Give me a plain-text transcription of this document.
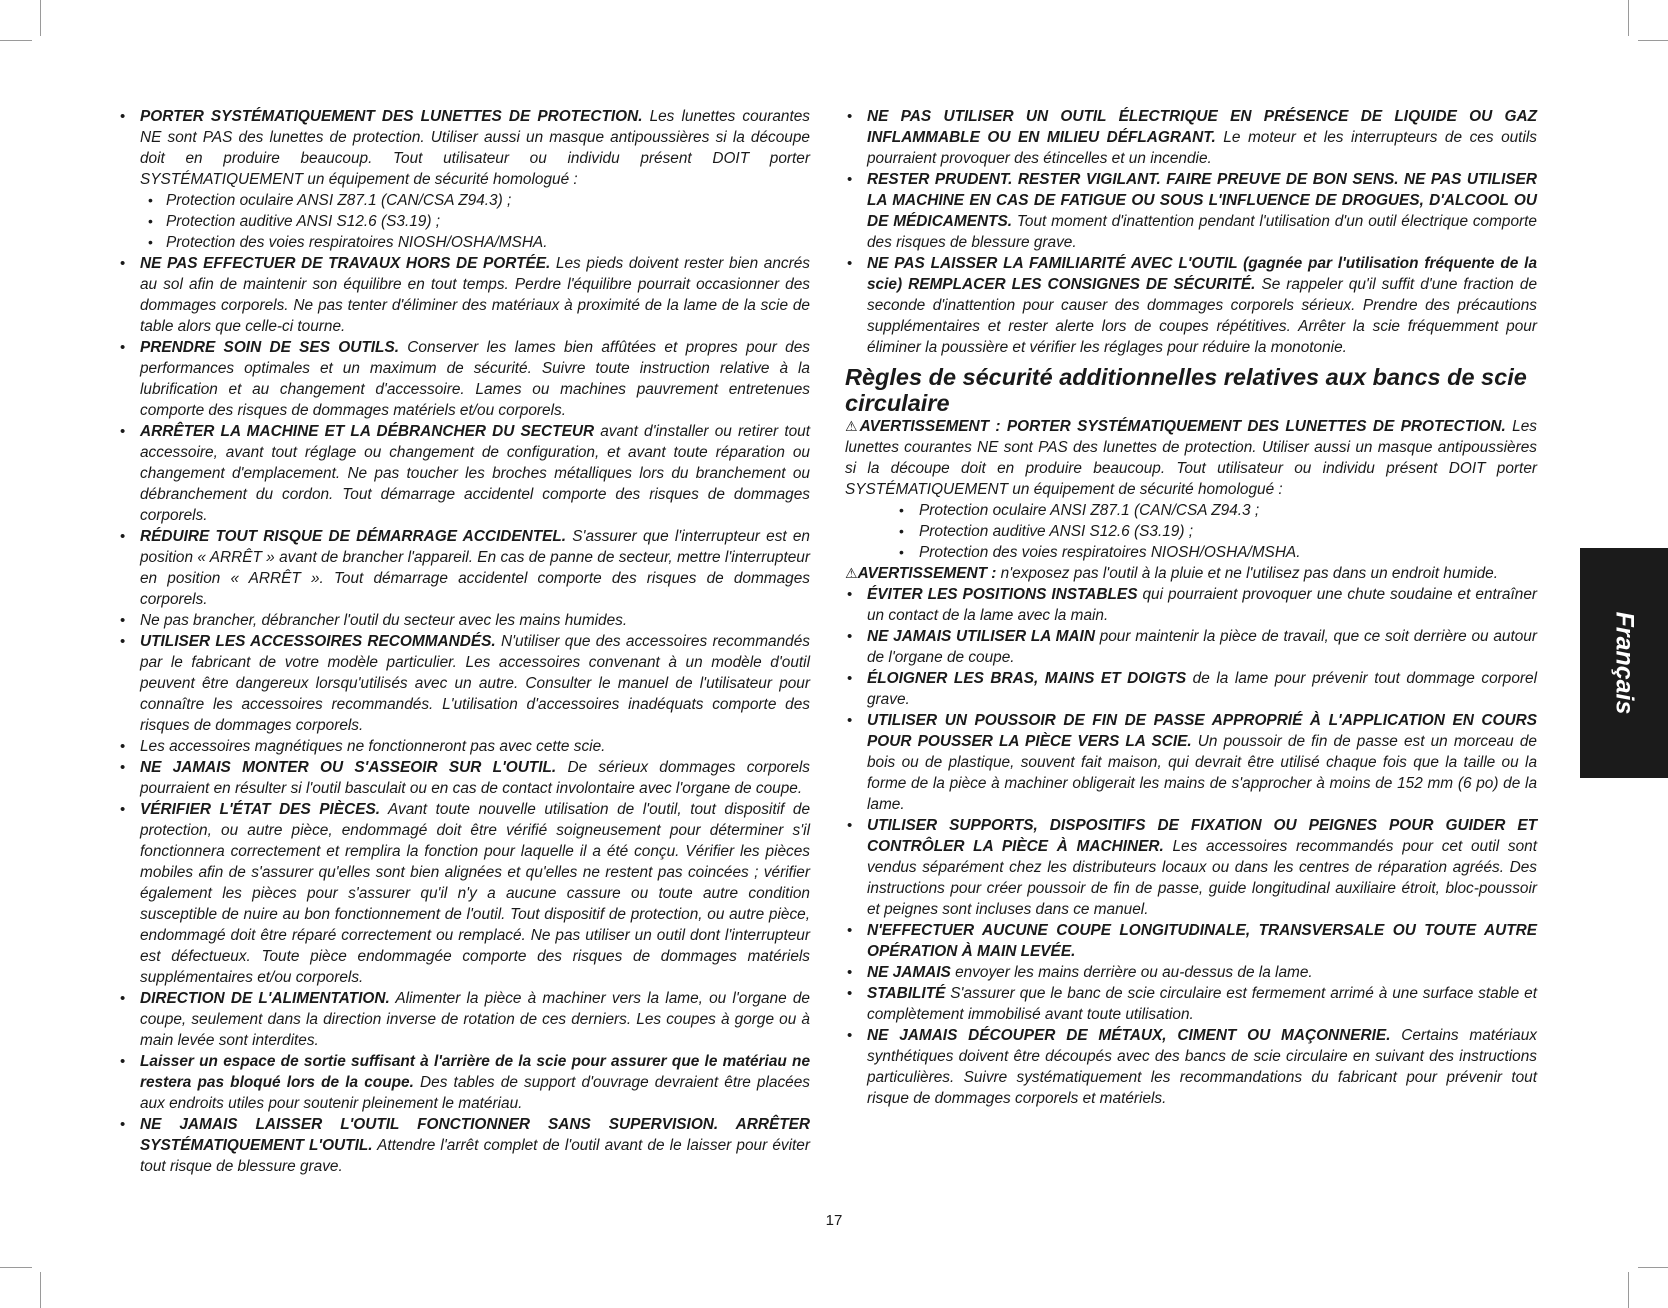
• PORTER SYSTÉMATIQUEMENT DES LUNETTES DE PROTECTION. Les lunettes courantes NE sont PAS des lunettes de protection. Utiliser aussi un masque antipoussières si la découpe doit en produire beaucoup. Tout utilisateur ou individu présent DOIT porter SYSTÉMATIQUEMENT un équipement de sécurité homologué :

• Protection oculaire ANSI Z87.1 (CAN/CSA Z94.3) ;

• Protection auditive ANSI S12.6 (S3.19) ;

• Protection des voies respiratoires NIOSH/OSHA/MSHA.

• NE PAS EFFECTUER DE TRAVAUX HORS DE PORTÉE. Les pieds doivent rester bien ancrés au sol afin de maintenir son équilibre en tout temps. Perdre l'équilibre pourrait occasionner des dommages corporels. Ne pas tenter d'éliminer des matériaux à proximité de la lame de la scie de table alors que celle-ci tourne.

• PRENDRE SOIN DE SES OUTILS. Conserver les lames bien affûtées et propres pour des performances optimales et un maximum de sécurité. Suivre toute instruction relative à la lubrification et au changement d'accessoire. Lames ou machines pauvrement entretenues comporte des risques de dommages matériels et/ou corporels.

• ARRÊTER LA MACHINE ET LA DÉBRANCHER DU SECTEUR avant d'installer ou retirer tout accessoire, avant tout réglage ou changement de configuration, et avant toute réparation ou changement d'emplacement. Ne pas toucher les broches métalliques lors du branchement ou débranchement du cordon. Tout démarrage accidentel comporte des risques de dommages corporels.

• RÉDUIRE TOUT RISQUE DE DÉMARRAGE ACCIDENTEL. S'assurer que l'interrupteur est en position « ARRÊT » avant de brancher l'appareil. En cas de panne de secteur, mettre l'interrupteur en position « ARRÊT ». Tout démarrage accidentel comporte des risques de dommages corporels.

• Ne pas brancher, débrancher l'outil du secteur avec les mains humides.

• UTILISER LES ACCESSOIRES RECOMMANDÉS. N'utiliser que des accessoires recommandés par le fabricant de votre modèle particulier. Les accessoires convenant à un modèle d'outil peuvent être dangereux lorsqu'utilisés avec un autre. Consulter le manuel de l'utilisateur pour connaître les accessoires recommandés. L'utilisation d'accessoires inadéquats comporte des risques de dommages corporels.

• Les accessoires magnétiques ne fonctionneront pas avec cette scie.

• NE JAMAIS MONTER OU S'ASSEOIR SUR L'OUTIL. De sérieux dommages corporels pourraient en résulter si l'outil basculait ou en cas de contact involontaire avec l'organe de coupe.

• VÉRIFIER L'ÉTAT DES PIÈCES. Avant toute nouvelle utilisation de l'outil, tout dispositif de protection, ou autre pièce, endommagé doit être vérifié soigneusement pour déterminer s'il fonctionnera correctement et remplira la fonction pour laquelle il a été conçu. Vérifier les pièces mobiles afin de s'assurer qu'elles sont bien alignées et qu'elles ne restent pas coincées ; vérifier également les pièces pour s'assurer qu'il n'y a aucune cassure ou toute autre condition susceptible de nuire au bon fonctionnement de l'outil. Tout dispositif de protection, ou autre pièce, endommagé doit être réparé correctement ou remplacé. Ne pas utiliser un outil dont l'interrupteur est défectueux. Toute pièce endommagée comporte des risques de dommages matériels supplémentaires et/ou corporels.

• DIRECTION DE L'ALIMENTATION. Alimenter la pièce à machiner vers la lame, ou l'organe de coupe, seulement dans la direction inverse de rotation de ces derniers. Les coupes à gorge ou à main levée sont interdites.

• Laisser un espace de sortie suffisant à l'arrière de la scie pour assurer que le matériau ne restera pas bloqué lors de la coupe. Des tables de support d'ouvrage devraient être placées aux endroits utiles pour soutenir pleinement le matériau.

• NE JAMAIS LAISSER L'OUTIL FONCTIONNER SANS SUPERVISION. ARRÊTER SYSTÉMATIQUEMENT L'OUTIL. Attendre l'arrêt complet de l'outil avant de le laisser pour éviter tout risque de blessure grave.

• NE PAS UTILISER UN OUTIL ÉLECTRIQUE EN PRÉSENCE DE LIQUIDE OU GAZ INFLAMMABLE OU EN MILIEU DÉFLAGRANT. Le moteur et les interrupteurs de ces outils pourraient provoquer des étincelles et un incendie.

• RESTER PRUDENT. RESTER VIGILANT. FAIRE PREUVE DE BON SENS. NE PAS UTILISER LA MACHINE EN CAS DE FATIGUE OU SOUS L'INFLUENCE DE DROGUES, D'ALCOOL OU DE MÉDICAMENTS. Tout moment d'inattention pendant l'utilisation d'un outil électrique comporte des risques de blessure grave.

• NE PAS LAISSER LA FAMILIARITÉ AVEC L'OUTIL (gagnée par l'utilisation fréquente de la scie) REMPLACER LES CONSIGNES DE SÉCURITÉ. Se rappeler qu'il suffit d'une fraction de seconde d'inattention pour causer des dommages corporels sérieux. Prendre des précautions supplémentaires et rester alerte lors de coupes répétitives. Arrêter la scie fréquemment pour éliminer la poussière et vérifier les réglages pour réduire la monotonie.

Règles de sécurité additionnelles relatives aux bancs de scie circulaire

⚠AVERTISSEMENT : PORTER SYSTÉMATIQUEMENT DES LUNETTES DE PROTECTION. Les lunettes courantes NE sont PAS des lunettes de protection. Utiliser aussi un masque antipoussières si la découpe doit en produire beaucoup. Tout utilisateur ou individu présent DOIT porter SYSTÉMATIQUEMENT un équipement de sécurité homologué :

• Protection oculaire ANSI Z87.1 (CAN/CSA Z94.3 ;

• Protection auditive ANSI S12.6 (S3.19) ;

• Protection des voies respiratoires NIOSH/OSHA/MSHA.

⚠AVERTISSEMENT : n'exposez pas l'outil à la pluie et ne l'utilisez pas dans un endroit humide.

• ÉVITER LES POSITIONS INSTABLES qui pourraient provoquer une chute soudaine et entraîner un contact de la lame avec la main.

• NE JAMAIS UTILISER LA MAIN pour maintenir la pièce de travail, que ce soit derrière ou autour de l'organe de coupe.

• ÉLOIGNER LES BRAS, MAINS ET DOIGTS de la lame pour prévenir tout dommage corporel grave.

• UTILISER UN POUSSOIR DE FIN DE PASSE APPROPRIÉ À L'APPLICATION EN COURS POUR POUSSER LA PIÈCE VERS LA SCIE. Un poussoir de fin de passe est un morceau de bois ou de plastique, souvent fait maison, qui devrait être utilisé chaque fois que la taille ou la forme de la pièce à machiner obligerait les mains de s'approcher à moins de 152 mm (6 po) de la lame.

• UTILISER SUPPORTS, DISPOSITIFS DE FIXATION OU PEIGNES POUR GUIDER ET CONTRÔLER LA PIÈCE À MACHINER. Les accessoires recommandés pour cet outil sont vendus séparément chez les distributeurs locaux ou dans les centres de réparation agréés. Des instructions pour créer poussoir de fin de passe, guide longitudinal auxiliaire étroit, bloc-poussoir et peignes sont incluses dans ce manuel.

• N'EFFECTUER AUCUNE COUPE LONGITUDINALE, TRANSVERSALE OU TOUTE AUTRE OPÉRATION À MAIN LEVÉE.

• NE JAMAIS envoyer les mains derrière ou au-dessus de la lame.

• STABILITÉ S'assurer que le banc de scie circulaire est fermement arrimé à une surface stable et complètement immobilisé avant toute utilisation.

• NE JAMAIS DÉCOUPER DE MÉTAUX, CIMENT OU MAÇONNERIE. Certains matériaux synthétiques doivent être découpés avec des bancs de scie circulaire en suivant des instructions particulières. Suivre systématiquement les recommandations du fabricant pour prévenir tout risque de dommages corporels et matériels.

Français
17
